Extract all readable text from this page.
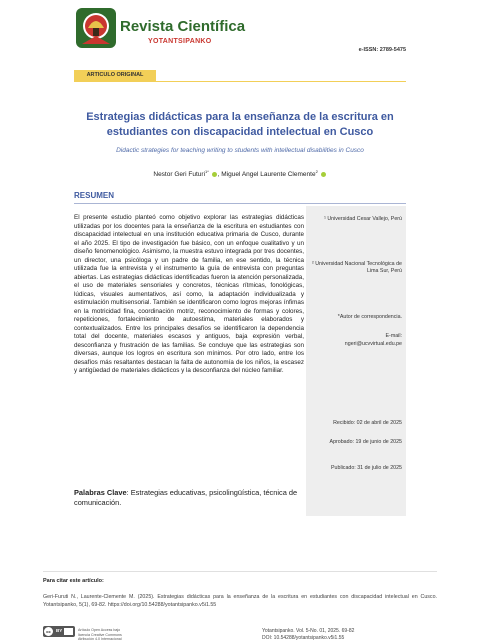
Revista Científica
YOTANTSIPANKO
e-ISSN: 2789-5475
ARTICULO ORIGINAL
Estrategias didácticas para la enseñanza de la escritura en
estudiantes con discapacidad intelectual en Cusco
Didactic strategies for teaching writing to students with intellectual disabilities in Cusco
Nestor Geri Futuri$^{1*}$ , Miguel Angel Laurente Clemente$^2$
RESUMEN
El presente estudio planteó como objetivo explorar las estrategias didácticas utilizadas por los docentes para la enseñanza de la escritura en estudiantes con discapacidad intelectual en una institución educativa primaria de Cusco, durante el año 2025. El tipo de investigación fue básico, con un enfoque cualitativo y un diseño fenomenológico. Asimismo, la muestra estuvo integrada por tres docentes, un director, una psicóloga y un padre de familia, en ese sentido, la técnica utilizada fue la entrevista y el instrumento la guía de entrevista con preguntas abiertas. Las estrategias didácticas identificadas fueron la atención personalizada, el uso de materiales sensoriales y concretos, técnicas rítmicas, fonológicas, lúdicas, visuales aumentativos, así como, la adaptación individualizada y estimulación multisensorial. También se identificaron como logros mejoras ínfimas en la motricidad fina, coordinación motriz, reconocimiento de formas y colores, repeticiones, fortalecimiento de autoestima, materiales elaborados y contextualizados. Entre los principales desafíos se identificaron la dependencia total del docente, materiales escasos y antiguos, baja expresión verbal, desconfianza y frustración de las familias. Se concluye que las estrategias son diversas, aunque los logros en escritura son mínimos. Por otro lado, entre los desafíos más resaltantes destacan la falta de autonomía de los niños, la escasez y antigüedad de materiales didácticos y la desconfianza del núcleo familiar.
¹ Universidad Cesar Vallejo, Perú
² Universidad Nacional Tecnológica de Lima Sur, Perú
*Autor de correspondencia.
E-mail:
ngeri@ucvvirtual.edu.pe
Recibido: 02 de abril de 2025
Aprobado: 19 de junio de 2025
Publicado: 31 de julio de 2025
Palabras Clave: Estrategias educativas, psicolingüística, técnica de comunicación.
Para citar este artículo:
Geri-Furuti N., Laurente-Clemente M. (2025). Estrategias didácticas para la enseñanza de la escritura en estudiantes con discapacidad intelectual en Cusco. Yotantsipanko, 5(1), 69-82. https://doi.org/10.54288/yotantsipanko.v5i1.55
cc	BY	Artículo Open Access bajo
licencia Creative Commons
Atribución 4.0 Internacional
Yotantsipanko. Vol. 5-No. 01, 2025. 69-82
DOI: 10.54288/yotantsipanko.v5i1.55
